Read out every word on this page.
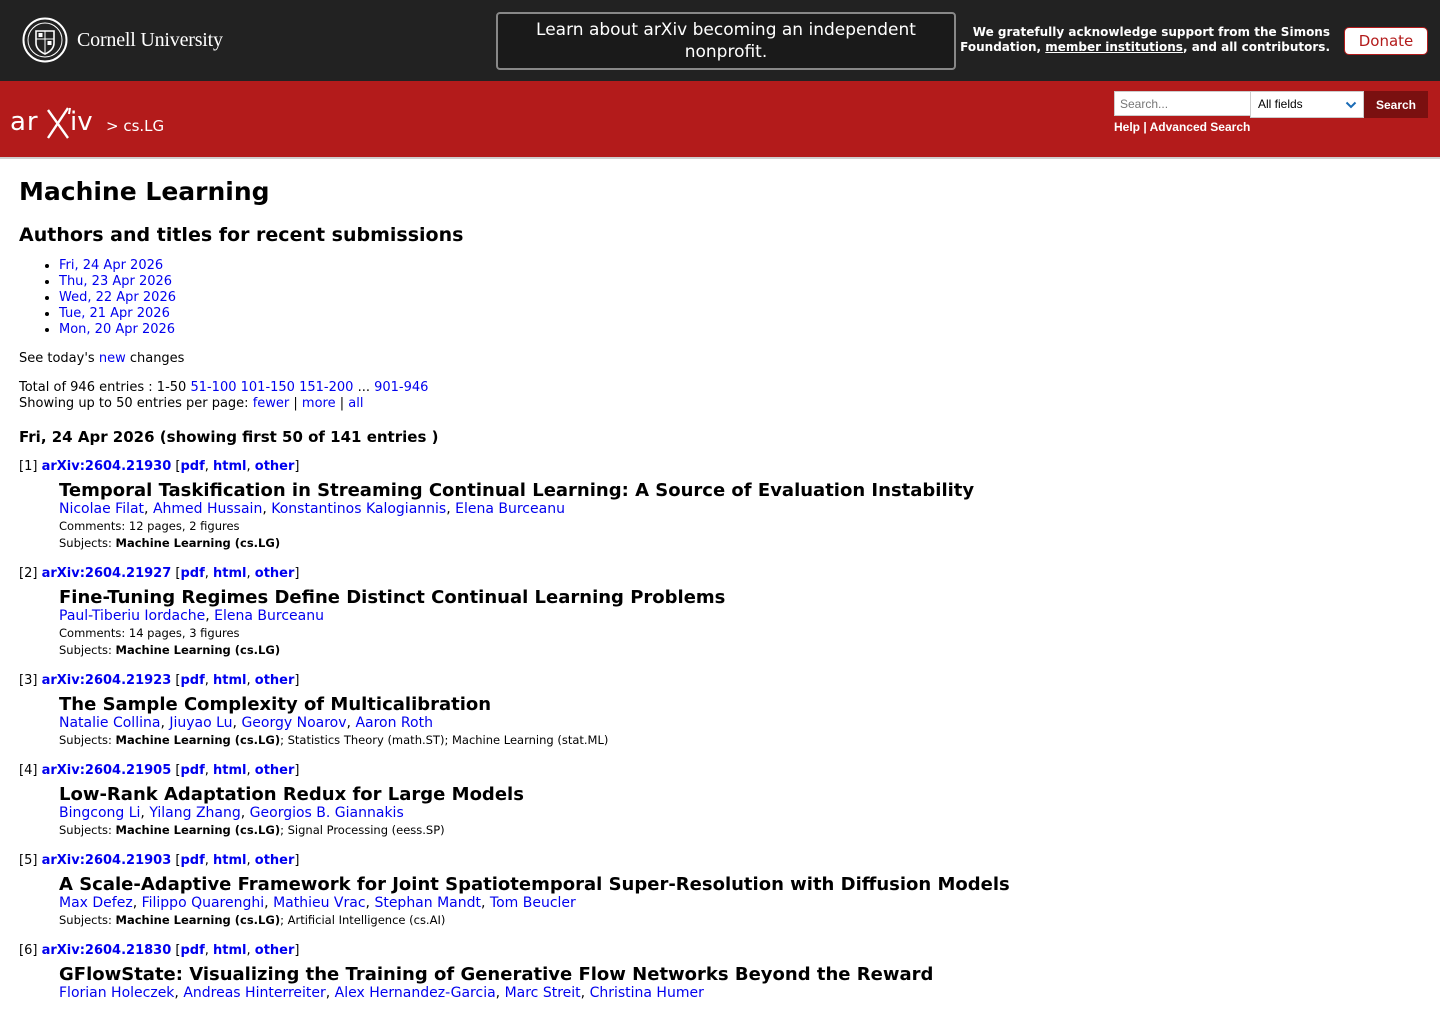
Cornell University	Learn about arXiv becoming an independent nonprofit.
We gratefully acknowledge support from the Simons
Foundation, member institutions, and all contributors.	Donate
ar iv > cs.LG
Search...
All fields	Search
Help | Advanced Search
Machine Learning
Authors and titles for recent submissions
• Fri, 24 Apr 2026
• Thu, 23 Apr 2026
• Wed, 22 Apr 2026
• Tue, 21 Apr 2026
• Mon, 20 Apr 2026
See today's new changes
Total of 946 entries : 1-50 51-100 101-150 151-200 ... 901-946
Showing up to 50 entries per page: fewer | more | all
Fri, 24 Apr 2026 (showing first 50 of 141 entries )
[1] arXiv:2604.21930 [pdf, html, other]
Temporal Taskification in Streaming Continual Learning: A Source of Evaluation Instability
Nicolae Filat, Ahmed Hussain, Konstantinos Kalogiannis, Elena Burceanu
Comments: 12 pages, 2 figures
Subjects: Machine Learning (cs.LG)
[2] arXiv:2604.21927 [pdf, html, other]
Fine-Tuning Regimes Define Distinct Continual Learning Problems
Paul-Tiberiu Iordache, Elena Burceanu
Comments: 14 pages, 3 figures
Subjects: Machine Learning (cs.LG)
[3] arXiv:2604.21923 [pdf, html, other]
The Sample Complexity of Multicalibration
Natalie Collina, Jiuyao Lu, Georgy Noarov, Aaron Roth
Subjects: Machine Learning (cs.LG); Statistics Theory (math.ST); Machine Learning (stat.ML)
[4] arXiv:2604.21905 [pdf, html, other]
Low-Rank Adaptation Redux for Large Models
Bingcong Li, Yilang Zhang, Georgios B. Giannakis
Subjects: Machine Learning (cs.LG); Signal Processing (eess.SP)
[5] arXiv:2604.21903 [pdf, html, other]
A Scale-Adaptive Framework for Joint Spatiotemporal Super-Resolution with Diffusion Models
Max Defez, Filippo Quarenghi, Mathieu Vrac, Stephan Mandt, Tom Beucler
Subjects: Machine Learning (cs.LG); Artificial Intelligence (cs.AI)
[6] arXiv:2604.21830 [pdf, html, other]
GFlowState: Visualizing the Training of Generative Flow Networks Beyond the Reward
Florian Holeczek, Andreas Hinterreiter, Alex Hernandez-Garcia, Marc Streit, Christina Humer
